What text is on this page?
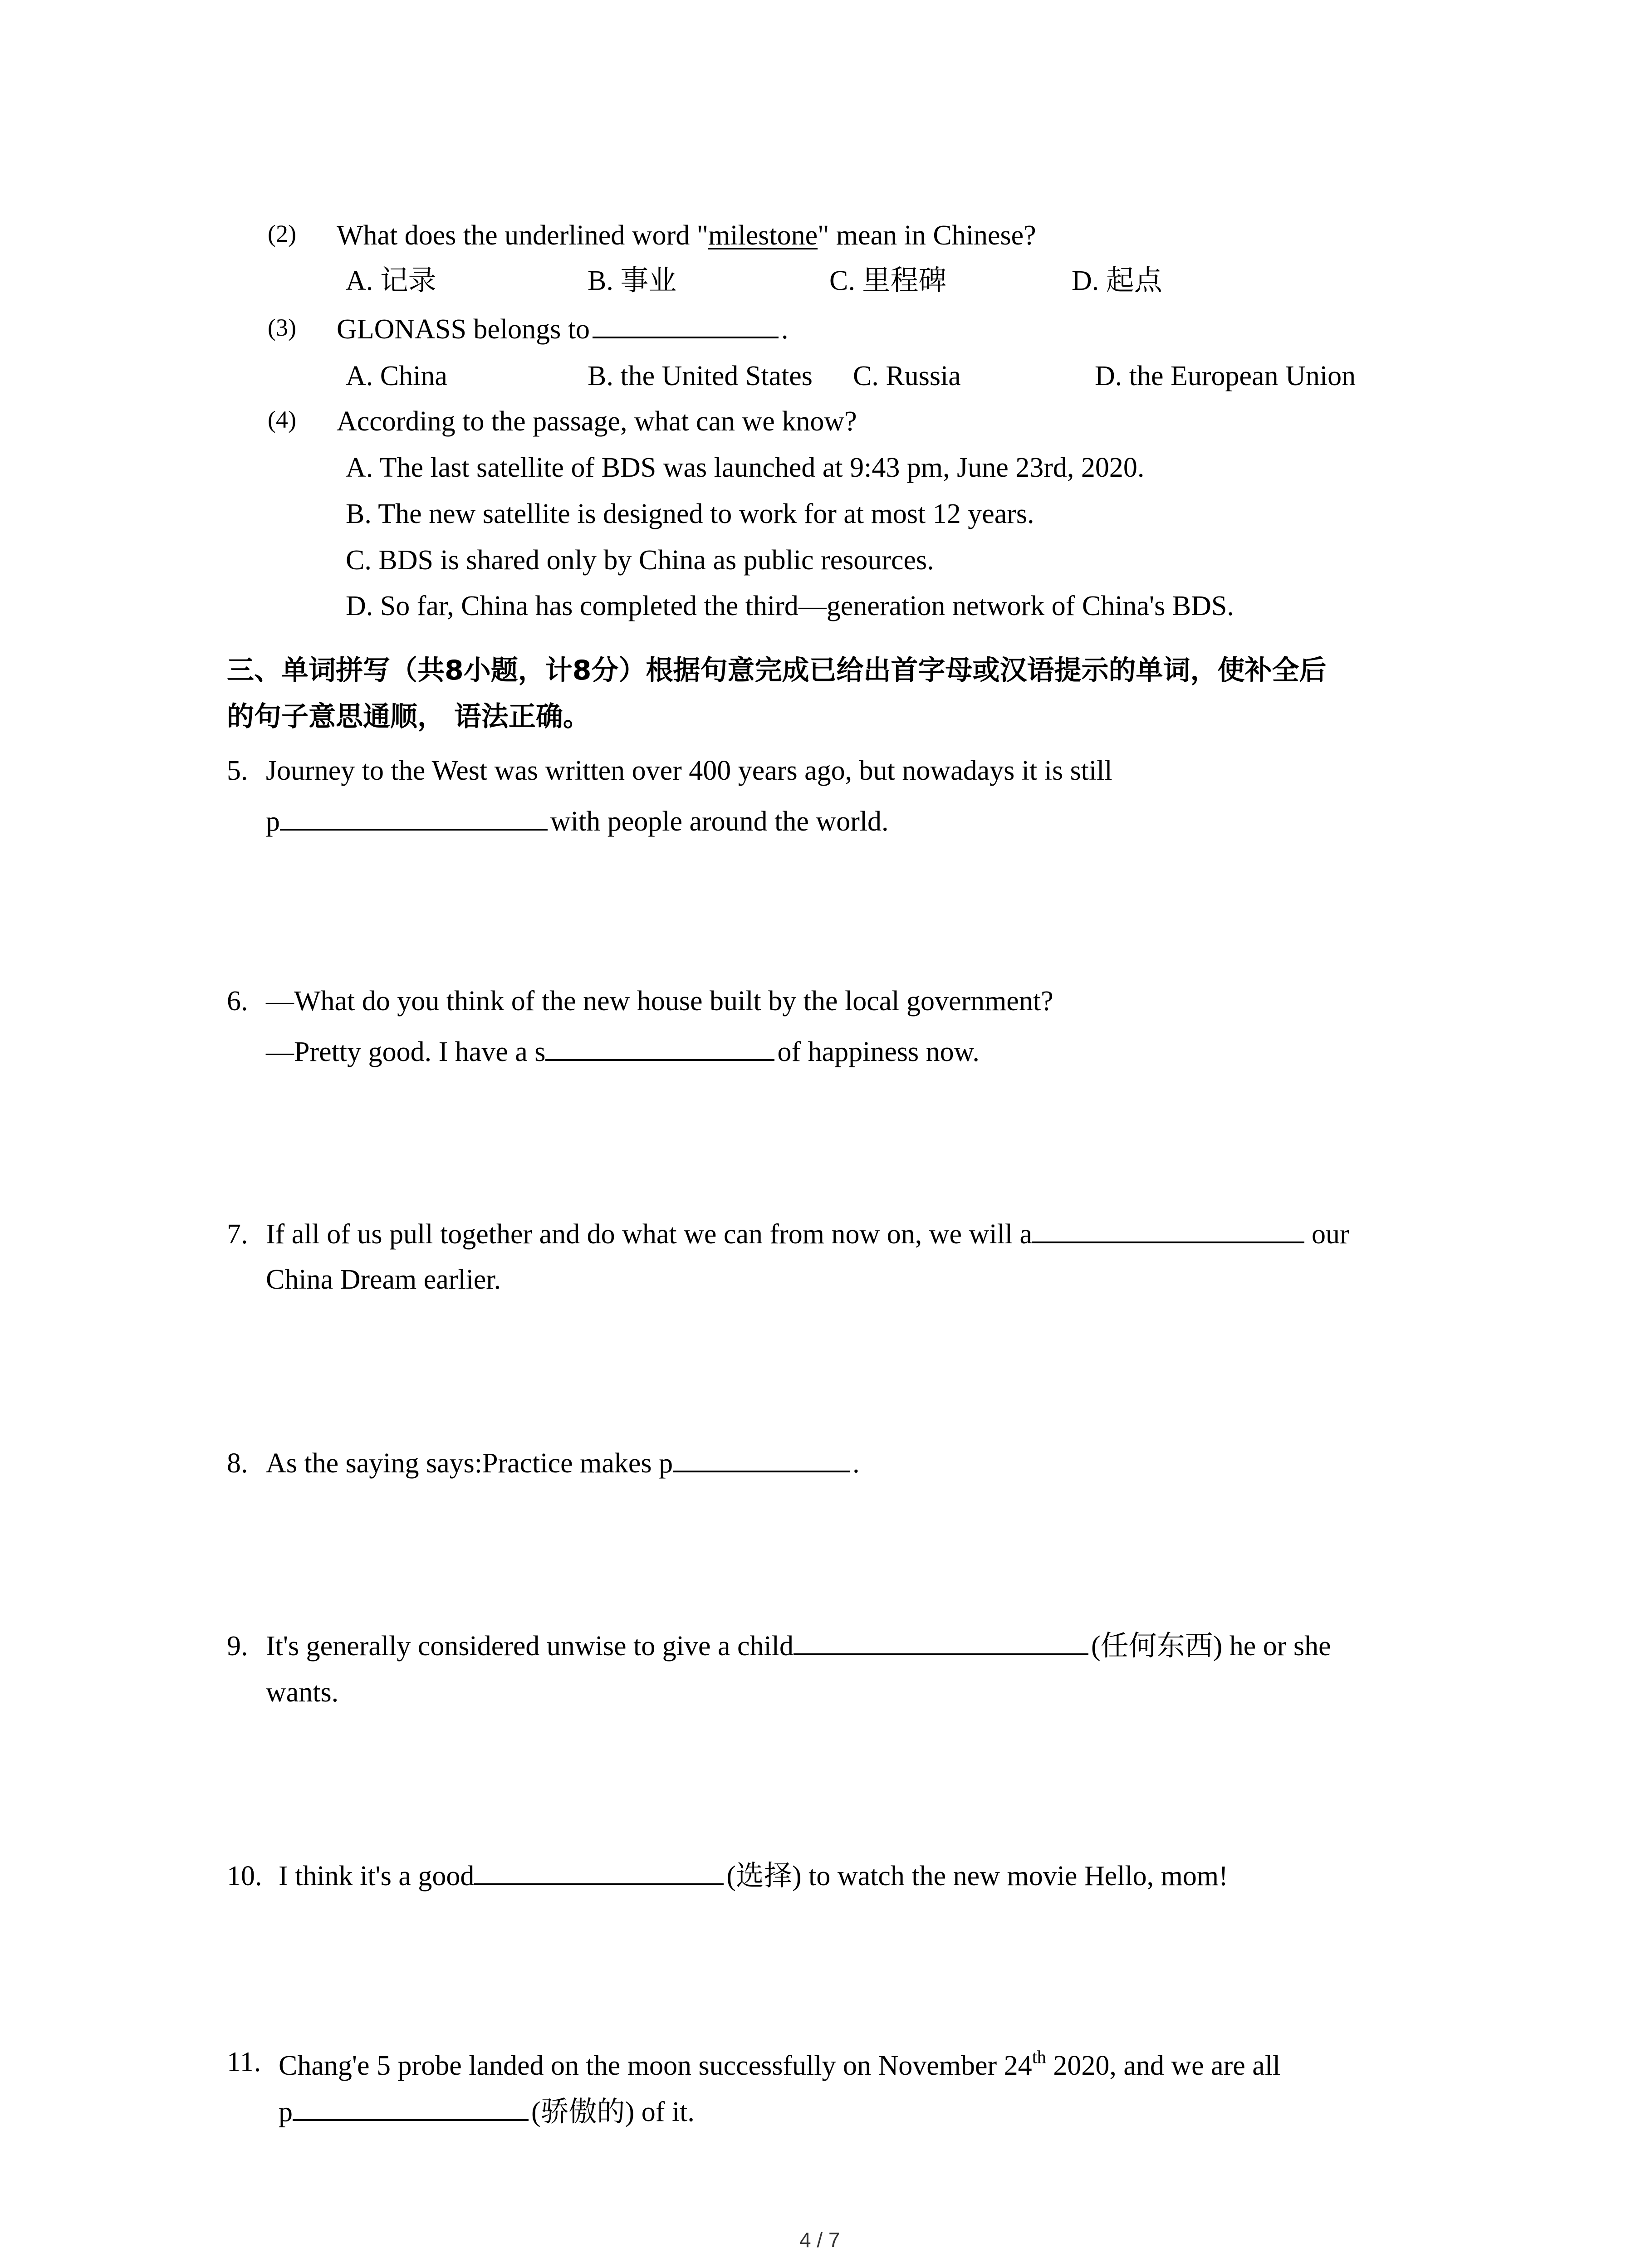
(2) What does the underlined word "milestone" mean in Chinese?
A. 记录	B. 事业	C. 里程碑	D. 起点
(3) GLONASS belongs to	.
A. China	B. the United States C. Russia	D. the European Union
(4) According to the passage, what can we know?
A. The last satellite of BDS was launched at 9:43 pm, June 23rd, 2020.
B. The new satellite is designed to work for at most 12 years.
C. BDS is shared only by China as public resources.
D. So far, China has completed the third—generation network of China's BDS.
三、单词拼写（共8小题，计8分）根据句意完成已给出首字母或汉语提示的单词，使补全后
的句子意思通顺， 语法正确。
5. Journey to the West was written over 400 years ago, but nowadays it is still
p	with people around the world.
6. —What do you think of the new house built by the local government?
—Pretty good. I have a s	of happiness now.
7. If all of us pull together and do what we can from now on, we will a	our
China Dream earlier.
8. As the saying says:Practice makes p	.
9. It's generally considered unwise to give a child	(任何东西) he or she
wants.
10. I think it's a good	(选择) to watch the new movie Hello, mom!
11. Chang'e 5 probe landed on the moon successfully on November 24th 2020, and we are all
p	(骄傲的) of it.
4 / 7
